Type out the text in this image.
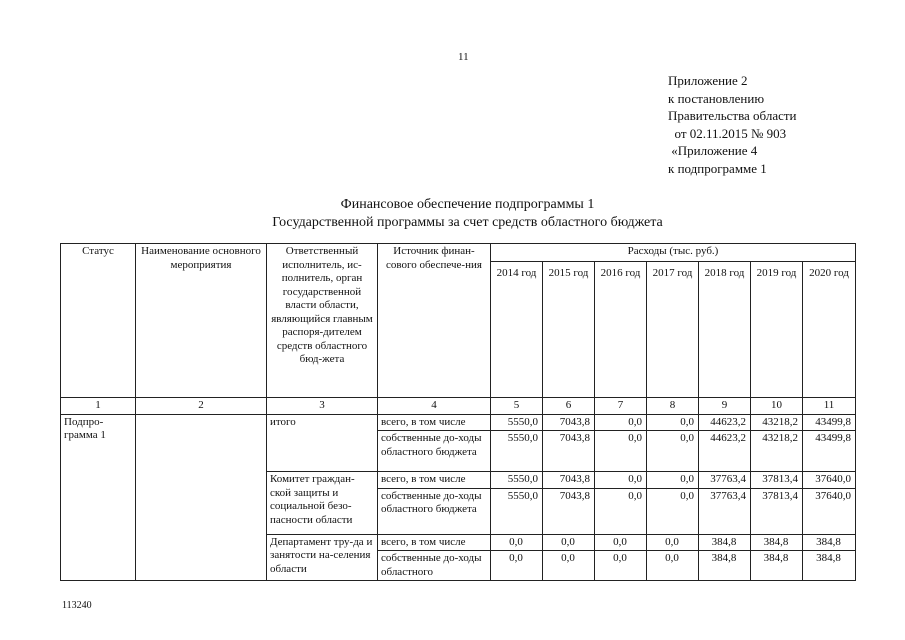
11
Приложение 2
к постановлению
Правительства области
от 02.11.2015 № 903
«Приложение 4
к подпрограмме 1
Финансовое обеспечение подпрограммы 1
Государственной программы за счет средств областного бюджета
Статус	Наименование основного мероприятия	Ответственный исполнитель, ис-полнитель, орган государственной власти области, являющийся главным распоря-дителем средств областного бюд-жета	Источник финан-сового обеспече-ния	Расходы (тыс. руб.)						
				2014 год	2015 год	2016 год	2017 год	2018 год	2019 год	2020 год
1	2	3	4	5	6	7	8	9	10	11
Подпро-грамма 1		итого	всего, в том числе	5550,0	7043,8	0,0	0,0	44623,2	43218,2	43499,8
			собственные до-ходы областного бюджета	5550,0	7043,8	0,0	0,0	44623,2	43218,2	43499,8
		Комитет граждан-ской защиты и социальной безо-пасности области	всего, в том числе	5550,0	7043,8	0,0	0,0	37763,4	37813,4	37640,0
			собственные до-ходы областного бюджета	5550,0	7043,8	0,0	0,0	37763,4	37813,4	37640,0
		Департамент тру-да и занятости на-селения области	всего, в том числе	0,0	0,0	0,0	0,0	384,8	384,8	384,8
			собственные до-ходы областного	0,0	0,0	0,0	0,0	384,8	384,8	384,8
113240
